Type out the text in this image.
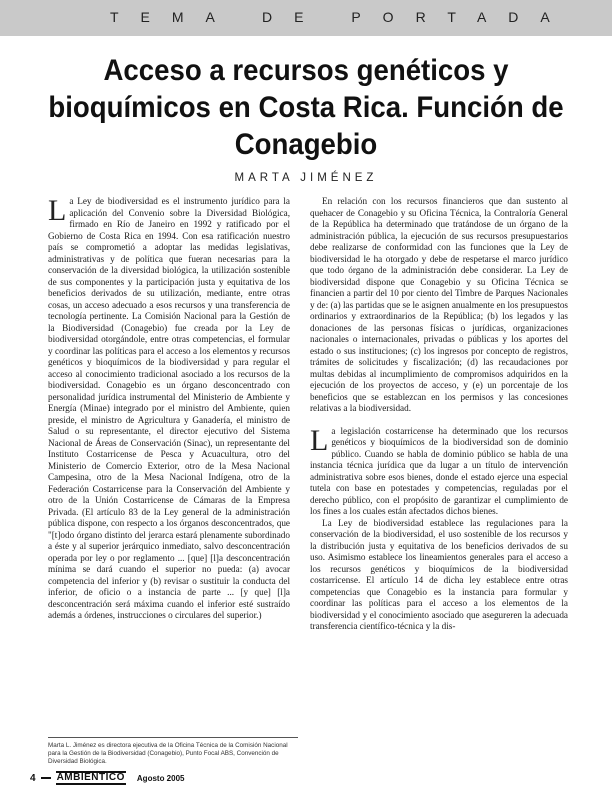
TEMA DE PORTADA
Acceso a recursos genéticos y bioquímicos en Costa Rica. Función de Conagebio
MARTA JIMÉNEZ

La Ley de biodiversidad es el instrumento jurídico para la aplicación del Convenio sobre la Diversidad Biológica, firmado en Río de Janeiro en 1992 y ratificado por el Gobierno de Costa Rica en 1994. Con esa ratificación nuestro país se comprometió a adoptar las medidas legislativas, administrativas y de política que fueran necesarias para la conservación de la diversidad biológica, la utilización sostenible de sus componentes y la participación justa y equitativa de los beneficios derivados de su utilización, mediante, entre otras cosas, un acceso adecuado a esos recursos y una transferencia de tecnología pertinente. La Comisión Nacional para la Gestión de la Biodiversidad (Conagebio) fue creada por la Ley de biodiversidad otorgándole, entre otras competencias, el formular y coordinar las políticas para el acceso a los elementos y recursos genéticos y bioquímicos de la biodiversidad y para regular el acceso al conocimiento tradicional asociado a los recursos de la biodiversidad. Conagebio es un órgano desconcentrado con personalidad jurídica instrumental del Ministerio de Ambiente y Energía (Minae) integrado por el ministro del Ambiente, quien preside, el ministro de Agricultura y Ganadería, el ministro de Salud o su representante, el director ejecutivo del Sistema Nacional de Áreas de Conservación (Sinac), un representante del Instituto Costarricense de Pesca y Acuacultura, otro del Ministerio de Comercio Exterior, otro de la Mesa Nacional Campesina, otro de la Mesa Nacional Indígena, otro de la Federación Costarricense para la Conservación del Ambiente y otro de la Unión Costarricense de Cámaras de la Empresa Privada. (El artículo 83 de la Ley general de la administración pública dispone, con respecto a los órganos desconcentrados, que "[t]odo órgano distinto del jerarca estará plenamente subordinado a éste y al superior jerárquico inmediato, salvo desconcentración operada por ley o por reglamento ... [que] [l]a desconcentración mínima se dará cuando el superior no pueda: (a) avocar competencia del inferior y (b) revisar o sustituir la conducta del inferior, de oficio o a instancia de parte ... [y que] [l]a desconcentración será máxima cuando el inferior esté sustraído además a órdenes, instrucciones o circulares del superior.)

En relación con los recursos financieros que dan sustento al quehacer de Conagebio y su Oficina Técnica, la Contraloría General de la República ha determinado que tratándose de un órgano de la administración pública, la ejecución de sus recursos presupuestarios debe realizarse de conformidad con las funciones que la Ley de biodiversidad le ha otorgado y debe de respetarse el marco jurídico que todo órgano de la administración debe considerar. La Ley de biodiversidad dispone que Conagebio y su Oficina Técnica se financien a partir del 10 por ciento del Timbre de Parques Nacionales y de: (a) las partidas que se le asignen anualmente en los presupuestos ordinarios y extraordinarios de la República; (b) los legados y las donaciones de las personas físicas o jurídicas, organizaciones nacionales o internacionales, privadas o públicas y los aportes del estado o sus instituciones; (c) los ingresos por concepto de registros, trámites de solicitudes y fiscalización; (d) las recaudaciones por multas debidas al incumplimiento de compromisos adquiridos en la ejecución de los proyectos de acceso, y (e) un porcentaje de los beneficios que se establezcan en los permisos y las concesiones relativas a la biodiversidad.

La legislación costarricense ha determinado que los recursos genéticos y bioquímicos de la biodiversidad son de dominio público. Cuando se habla de dominio público se habla de una instancia técnica jurídica que da lugar a un título de intervención administrativa sobre esos bienes, donde el estado ejerce una especial tutela con base en potestades y competencias, reguladas por el derecho público, con el propósito de garantizar el cumplimiento de los fines a los cuales están afectados dichos bienes.

La Ley de biodiversidad establece las regulaciones para la conservación de la biodiversidad, el uso sostenible de los recursos y la distribución justa y equitativa de los beneficios derivados de su uso. Asimismo establece los lineamientos generales para el acceso a los recursos genéticos y bioquímicos de la biodiversidad costarricense. El artículo 14 de dicha ley establece entre otras competencias que Conagebio es la instancia para formular y coordinar las políticas para el acceso a los elementos de la biodiversidad y el conocimiento asociado que asegureren la adecuada transferencia científico-técnica y la dis-

Marta L. Jiménez es directora ejecutiva de la Oficina Técnica de la Comisión Nacional para la Gestión de la Biodiversidad (Conagebio), Punto Focal ABS, Convención de Diversidad Biológica.
4 AMBIENTICO Agosto 2005
